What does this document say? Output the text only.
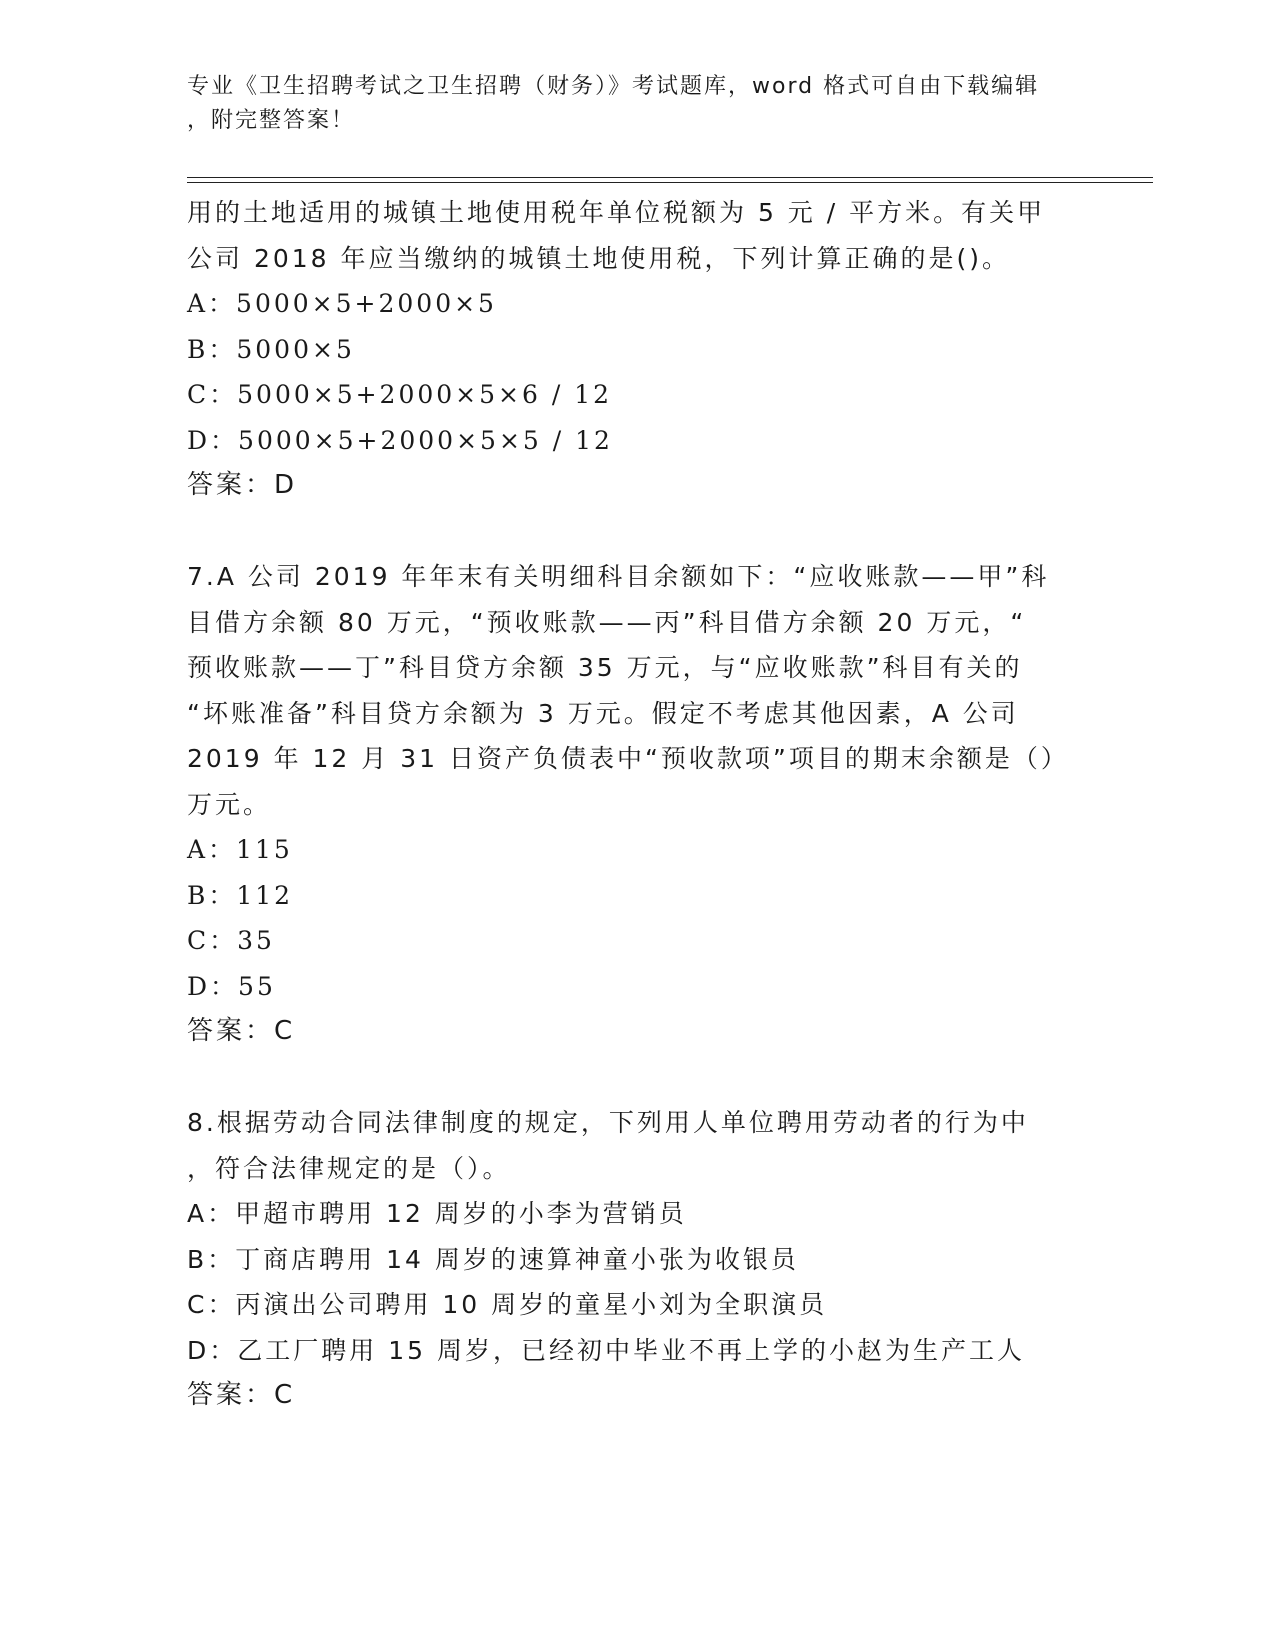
专业《卫生招聘考试之卫生招聘（财务）》考试题库，word 格式可自由下载编辑
，附完整答案！
用的土地适用的城镇土地使用税年单位税额为 5 元 / 平方米。有关甲
公司 2018 年应当缴纳的城镇土地使用税，下列计算正确的是()。
A：5000×5+2000×5
B：5000×5
C：5000×5+2000×5×6 / 12
D：5000×5+2000×5×5 / 12
答案：D
7.A 公司 2019 年年末有关明细科目余额如下：“应收账款——甲”科
目借方余额 80 万元，“预收账款——丙”科目借方余额 20 万元，“
预收账款——丁”科目贷方余额 35 万元，与“应收账款”科目有关的
“坏账准备”科目贷方余额为 3 万元。假定不考虑其他因素，A 公司
2019 年 12 月 31 日资产负债表中“预收款项”项目的期末余额是（）
万元。
A：115
B：112
C：35
D：55
答案：C
8.根据劳动合同法律制度的规定，下列用人单位聘用劳动者的行为中
，符合法律规定的是（）。
A：甲超市聘用 12 周岁的小李为营销员
B：丁商店聘用 14 周岁的速算神童小张为收银员
C：丙演出公司聘用 10 周岁的童星小刘为全职演员
D：乙工厂聘用 15 周岁，已经初中毕业不再上学的小赵为生产工人
答案：C
